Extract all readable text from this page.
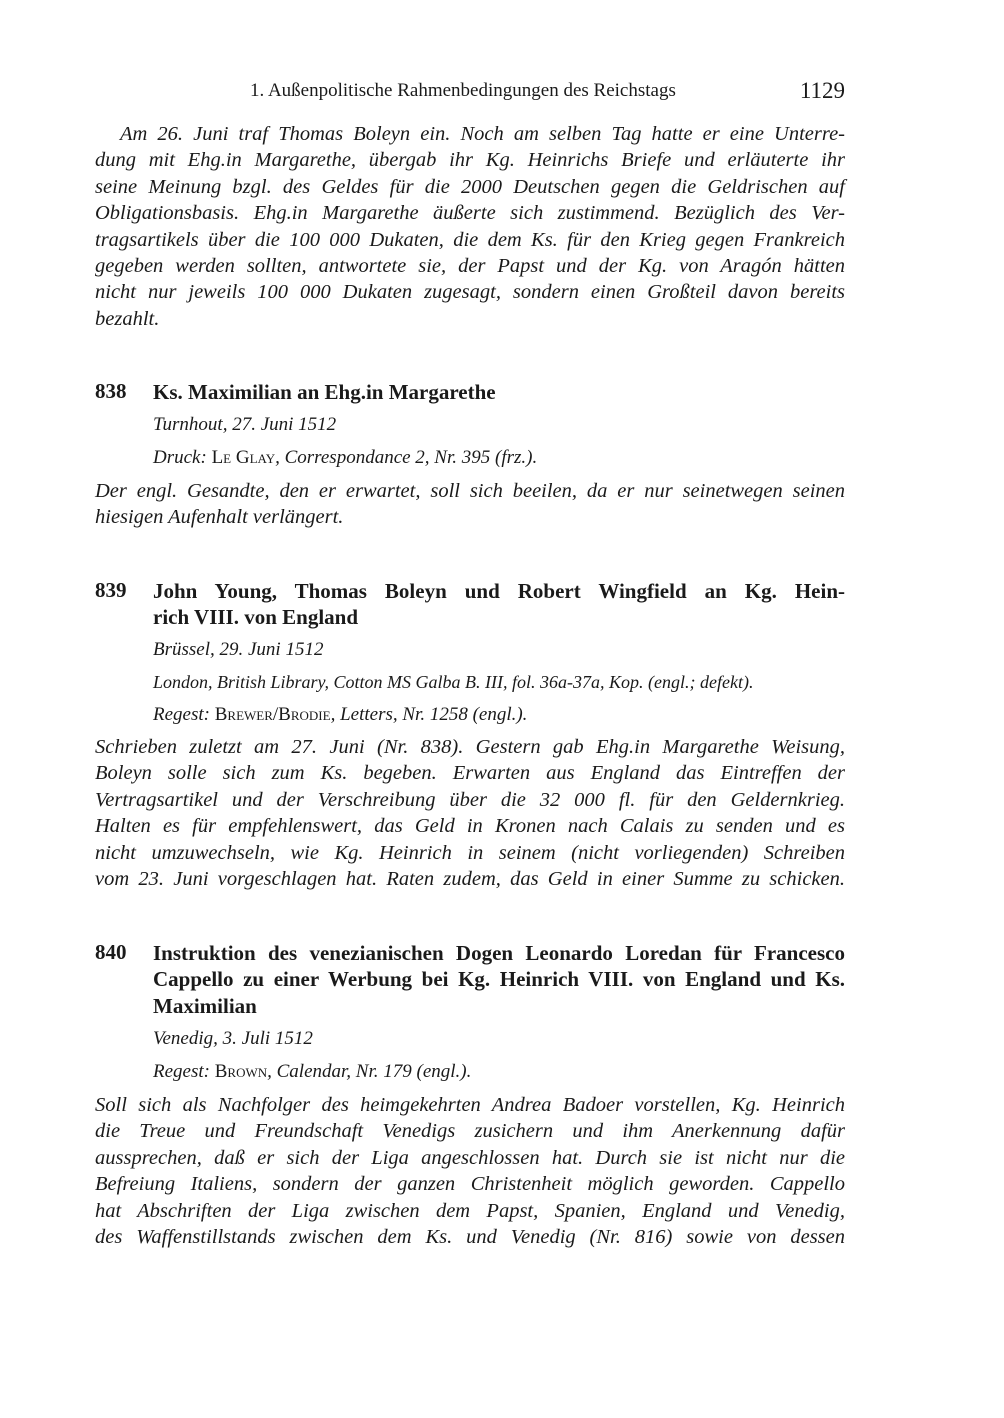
1. Außenpolitische Rahmenbedingungen des Reichstags	1129
Am 26. Juni traf Thomas Boleyn ein. Noch am selben Tag hatte er eine Unterre-
dung mit Ehg.in Margarethe, übergab ihr Kg. Heinrichs Briefe und erläuterte ihr
seine Meinung bzgl. des Geldes für die 2000 Deutschen gegen die Geldrischen auf
Obligationsbasis. Ehg.in Margarethe äußerte sich zustimmend. Bezüglich des Ver-
tragsartikels über die 100 000 Dukaten, die dem Ks. für den Krieg gegen Frankreich
gegeben werden sollten, antwortete sie, der Papst und der Kg. von Aragón hätten
nicht nur jeweils 100 000 Dukaten zugesagt, sondern einen Großteil davon bereits
bezahlt.
838 Ks. Maximilian an Ehg.in Margarethe
Turnhout, 27. Juni 1512
Druck: Le Glay, Correspondance 2, Nr. 395 (frz.).
Der engl. Gesandte, den er erwartet, soll sich beeilen, da er nur seinetwegen seinen
hiesigen Aufenhalt verlängert.
839 John Young, Thomas Boleyn und Robert Wingfield an Kg. Hein-
rich VIII. von England
Brüssel, 29. Juni 1512
London, British Library, Cotton MS Galba B. III, fol. 36a-37a, Kop. (engl.; defekt).
Regest: Brewer/Brodie, Letters, Nr. 1258 (engl.).
Schrieben zuletzt am 27. Juni (Nr. 838). Gestern gab Ehg.in Margarethe Weisung,
Boleyn solle sich zum Ks. begeben. Erwarten aus England das Eintreffen der
Vertragsartikel und der Verschreibung über die 32 000 fl. für den Geldernkrieg.
Halten es für empfehlenswert, das Geld in Kronen nach Calais zu senden und es
nicht umzuwechseln, wie Kg. Heinrich in seinem (nicht vorliegenden) Schreiben
vom 23. Juni vorgeschlagen hat. Raten zudem, das Geld in einer Summe zu schicken.
840 Instruktion des venezianischen Dogen Leonardo Loredan für Francesco
Cappello zu einer Werbung bei Kg. Heinrich VIII. von England und Ks.
Maximilian
Venedig, 3. Juli 1512
Regest: Brown, Calendar, Nr. 179 (engl.).
Soll sich als Nachfolger des heimgekehrten Andrea Badoer vorstellen, Kg. Heinrich
die Treue und Freundschaft Venedigs zusichern und ihm Anerkennung dafür
aussprechen, daß er sich der Liga angeschlossen hat. Durch sie ist nicht nur die
Befreiung Italiens, sondern der ganzen Christenheit möglich geworden. Cappello
hat Abschriften der Liga zwischen dem Papst, Spanien, England und Venedig,
des Waffenstillstands zwischen dem Ks. und Venedig (Nr. 816) sowie von dessen
